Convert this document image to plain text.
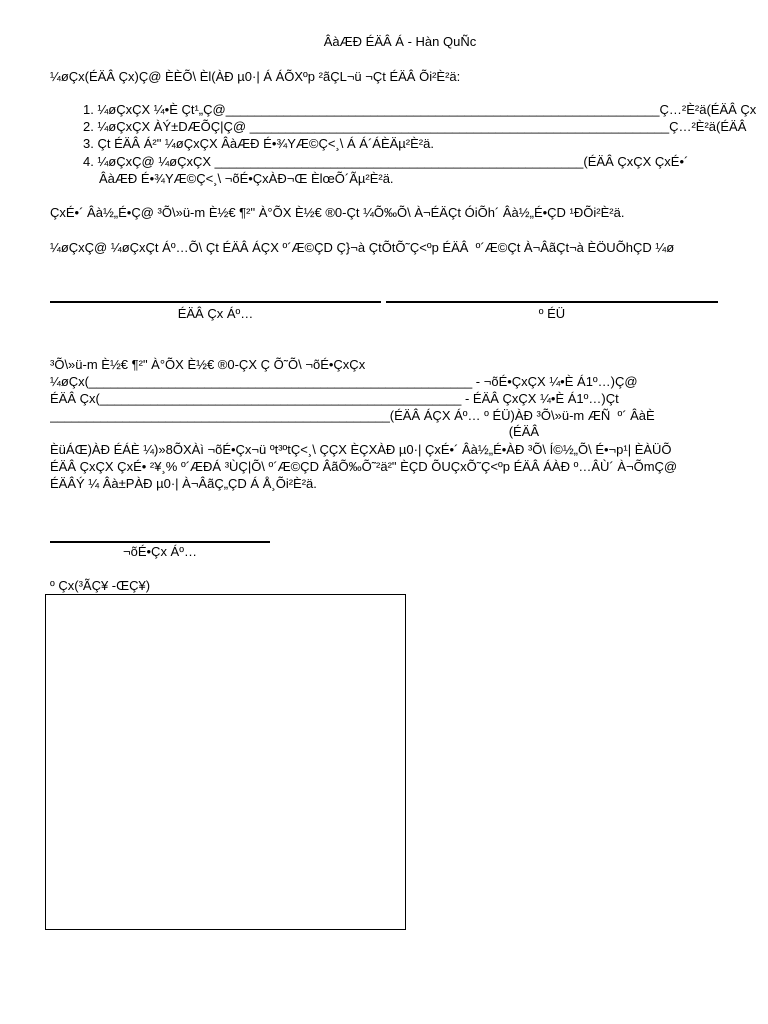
ÂàÆÐ ÉÄÂ Á - Hàn QuÑc
¼øÇx(ÉÄÂ Çx)Ç@ ÈÈÕ\ Èl(ÀÐ µ0·| Á ÁÕXºp ²ãÇL¬ü ¬Çt ÉÄÂ Õi²È²ä:
1. ¼øÇxÇX ¼•È Çt¹„Ç@____________________________________________________________Ç…²È²ä(ÉÄÂ Çx
2. ¼øÇxÇX ÀÝ±DÆÕÇ|Ç@ __________________________________________________________Ç…²È²ä(ÉÄÂ
3. Çt ÉÄÂ Á²" ¼øÇxÇX ÂàÆÐ É•¾YÆ©Ç<¸\ Á Á´ÁÈÄµ²È²ä.
4. ¼øÇxÇ@ ¼øÇxÇX ___________________________________________________(ÉÄÂ ÇxÇX ÇxÉ•´
ÂàÆÐ É•¾YÆ©Ç<¸\ ¬õÉ•ÇxÀÐ¬Œ ÈlœÕ´Ãµ²È²ä.
ÇxÉ•´ Âà½„É•Ç@ ³Õ\»ü-m È½€ ¶²" À°ÕX È½€ ®0-Çt ¼Õ‰Õ\ À¬ÉÄÇt ÓiÕh´ Âà½„É•ÇD ¹ÐÕi²È²ä.
¼øÇxÇ@ ¼øÇxÇt Áº…Õ\ Çt ÉÄÂ ÁÇX º´Æ©ÇD Ç}¬à ÇtÕtÕ˜Ç<ºp ÉÄÂ  º´Æ©Çt À¬ÂãÇt¬à ÈÖUÕhÇD ¼ø
ÉÄÂ Çx Áº…	º ÉÜ
³Õ\»ü-m È½€ ¶²" À°ÕX È½€ ®0-ÇX Ç Õ˜Õ\ ¬õÉ•ÇxÇx
¼øÇx(_____________________________________________________ - ¬õÉ•ÇxÇX ¼•È Á1º…)Ç@
ÉÄÂ Çx(__________________________________________________ - ÉÄÂ ÇxÇX ¼•È Á1º…)Çt
_______________________________________________(ÉÄÂ ÁÇX Áº… º ÉÜ)ÀÐ ³Õ\»ü-m ÆÑ  º´ ÂàÈ
(ÉÄÂ
ÈüÁŒ)ÀÐ ÉÁÈ ¼)»8ÕXÀì ¬õÉ•Çx¬ü ºt³ºtÇ<¸\ ÇÇX ÈÇXÀÐ µ0·| ÇxÉ•´ Âà½„É•ÀÐ ³Õ\ Í©½„Õ\ É•¬p¹| ÈÀÜÕ
ÉÄÂ ÇxÇX ÇxÉ• ²¥¸% º´ÆÐÁ ³ÙÇ|Õ\ º´Æ©ÇD ÂãÕ‰Õ˜²ä²" ÈÇD ÕUÇxÕ˜Ç<ºp ÉÄÂ ÁÀÐ º…ÂÙ´ À¬ÕmÇ@
ÉÄÂÝ ¼ Âà±PÀÐ µ0·| À¬ÂãÇ„ÇD Á Å¸Õi²È²ä.
¬õÉ•Çx Áº…
º Çx(³ÃÇ¥ -ŒÇ¥)
